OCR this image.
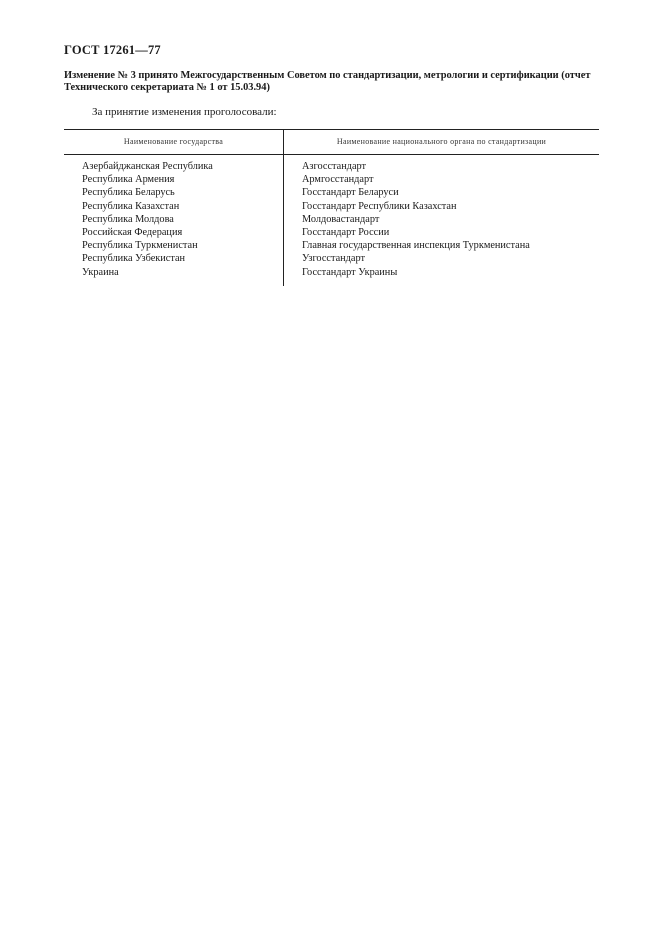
ГОСТ 17261—77
Изменение № 3 принято Межгосударственным Советом по стандартизации, метрологии и сертификации (отчет Технического секретариата № 1 от 15.03.94)
За принятие изменения проголосовали:
Наименование государства	Наименование национального органа по стандартизации
Азербайджанская Республика	Азгосстандарт
Республика Армения	Армгосстандарт
Республика Беларусь	Госстандарт Беларуси
Республика Казахстан	Госстандарт Республики Казахстан
Республика Молдова	Молдовастандарт
Российская Федерация	Госстандарт России
Республика Туркменистан	Главная государственная инспекция Туркменистана
Республика Узбекистан	Узгосстандарт
Украина	Госстандарт Украины
